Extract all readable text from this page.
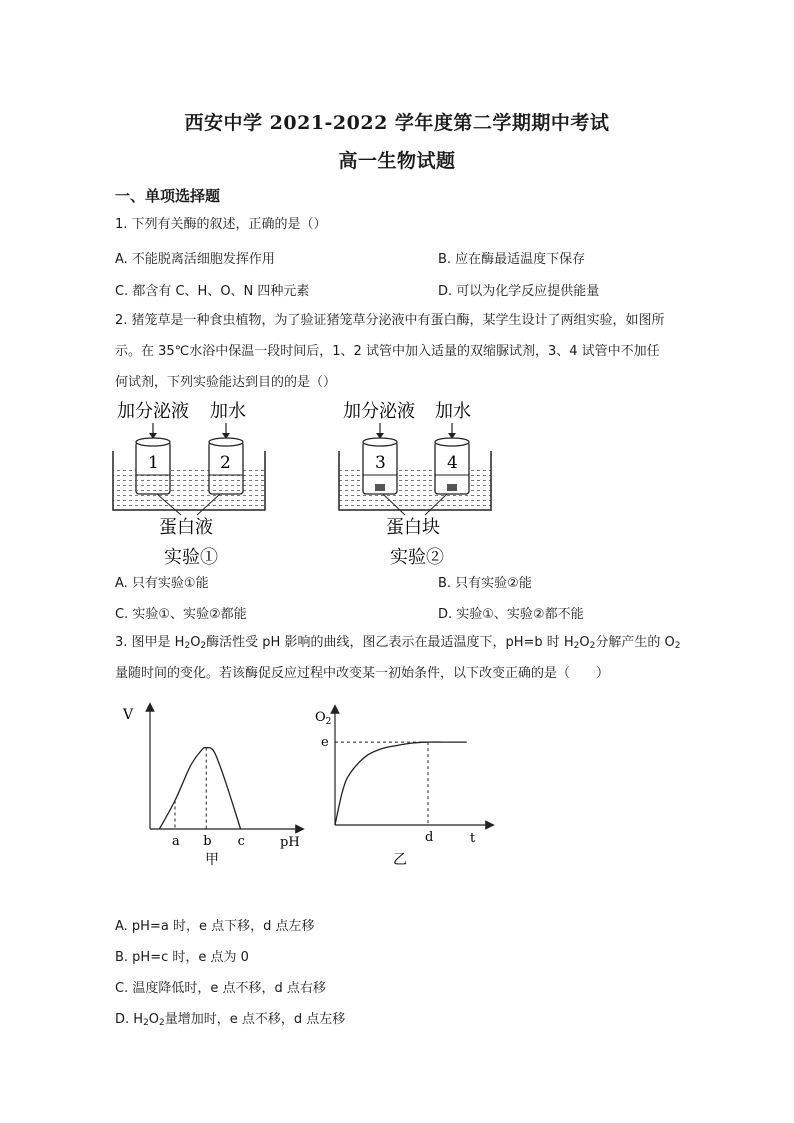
西安中学 2021-2022 学年度第二学期期中考试
高一生物试题
一、单项选择题
1. 下列有关酶的叙述，正确的是（）
A. 不能脱离活细胞发挥作用	B. 应在酶最适温度下保存
C. 都含有 C、H、O、N 四种元素	D. 可以为化学反应提供能量
2. 猪笼草是一种食虫植物，为了验证猪笼草分泌液中有蛋白酶，某学生设计了两组实验，如图所
示。在 35℃水浴中保温一段时间后，1、2 试管中加入适量的双缩脲试剂，3、4 试管中不加任
何试剂，下列实验能达到目的的是（）
加分泌液 加水
1	2
蛋白液
实验①
加分泌液 加水
3	4
蛋白块
实验②
A. 只有实验①能	B. 只有实验②能
C. 实验①、实验②都能	D. 实验①、实验②都不能
3. 图甲是 $H_2O_2$酶活性受 pH 影响的曲线，图乙表示在最适温度下，pH=b 时 $H_2O_2$分解产生的 $O_2$
量随时间的变化。若该酶促反应过程中改变某一初始条件，以下改变正确的是（　　）
V
pH
甲
a b c
$O_2$
t
乙
e
d
A. pH=a 时，e 点下移，d 点左移
B. pH=c 时，e 点为 0
C. 温度降低时，e 点不移，d 点右移
D. $H_2O_2$量增加时，e 点不移，d 点左移
